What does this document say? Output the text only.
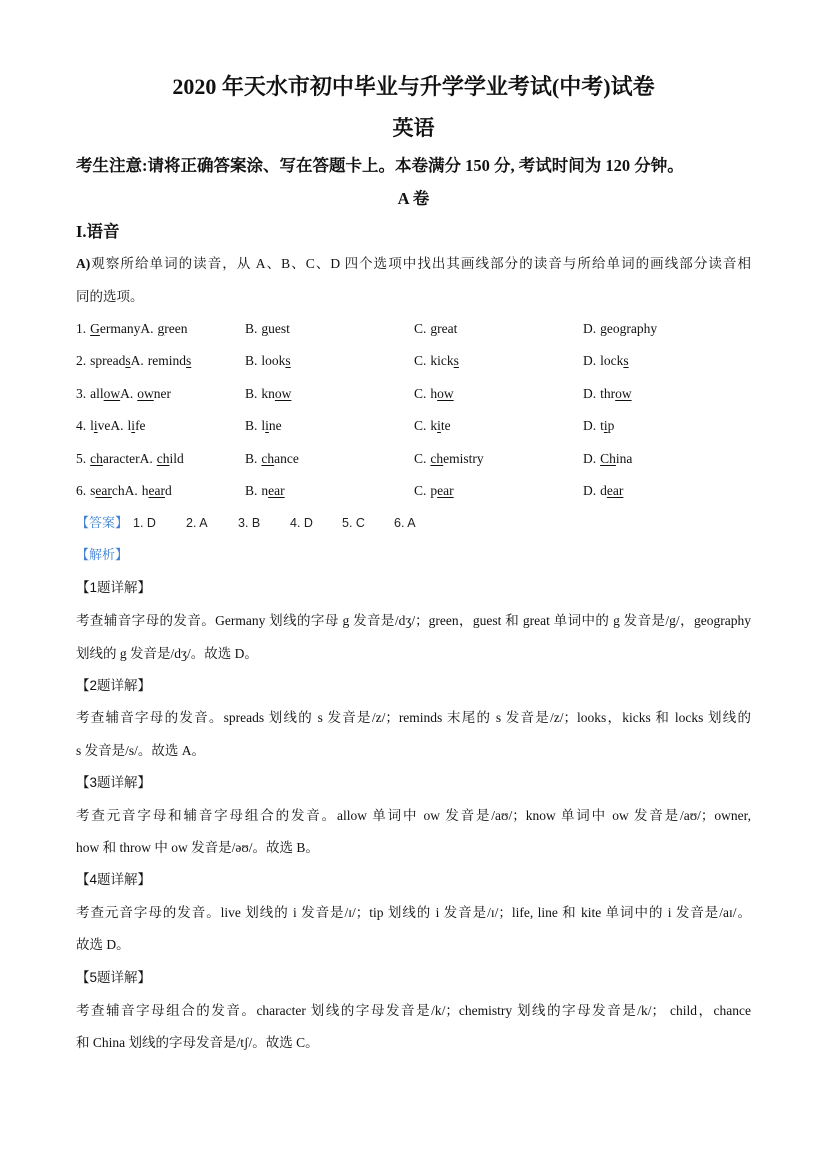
2020 年天水市初中毕业与升学学业考试(中考)试卷
英语
考生注意:请将正确答案涂、写在答题卡上。本卷满分 150 分, 考试时间为 120 分钟。
A 卷
I.语音
A)观察所给单词的读音，从 A、B、C、D 四个选项中找出其画线部分的读音与所给单词的画线部分读音相
同的选项。
1. GermanyA. green	B. guest	C. great	D. geography
2. spreadsA. reminds	B. looks	C. kicks	D. locks
3. allowA. owner	B. know	C. how	D. throw
4. liveA. life	B. line	C. kite	D. tip
5. characterA. child	B. chance	C. chemistry	D. China
6. searchA. heard	B. near	C. pear	D. dear
【答案】 1. D 2. A 3. B 4. D 5. C 6. A
【解析】
【1题详解】
考查辅音字母的发音。Germany 划线的字母 g 发音是/dʒ/；green，guest 和 great 单词中的 g 发音是/g/，geography
划线的 g 发音是/dʒ/。故选 D。
【2题详解】
考查辅音字母的发音。spreads 划线的 s 发音是/z/；reminds 末尾的 s 发音是/z/；looks，kicks 和 locks 划线的
s 发音是/s/。故选 A。
【3题详解】
考查元音字母和辅音字母组合的发音。allow 单词中 ow 发音是/aʊ/；know 单词中 ow 发音是/aʊ/；owner,
how 和 throw 中 ow 发音是/əʊ/。故选 B。
【4题详解】
考查元音字母的发音。live 划线的 i 发音是/ɪ/；tip 划线的 i 发音是/ɪ/；life, line 和 kite 单词中的 i 发音是/aɪ/。
故选 D。
【5题详解】
考查辅音字母组合的发音。character 划线的字母发音是/k/；chemistry 划线的字母发音是/k/； child，chance
和 China 划线的字母发音是/tʃ/。故选 C。
